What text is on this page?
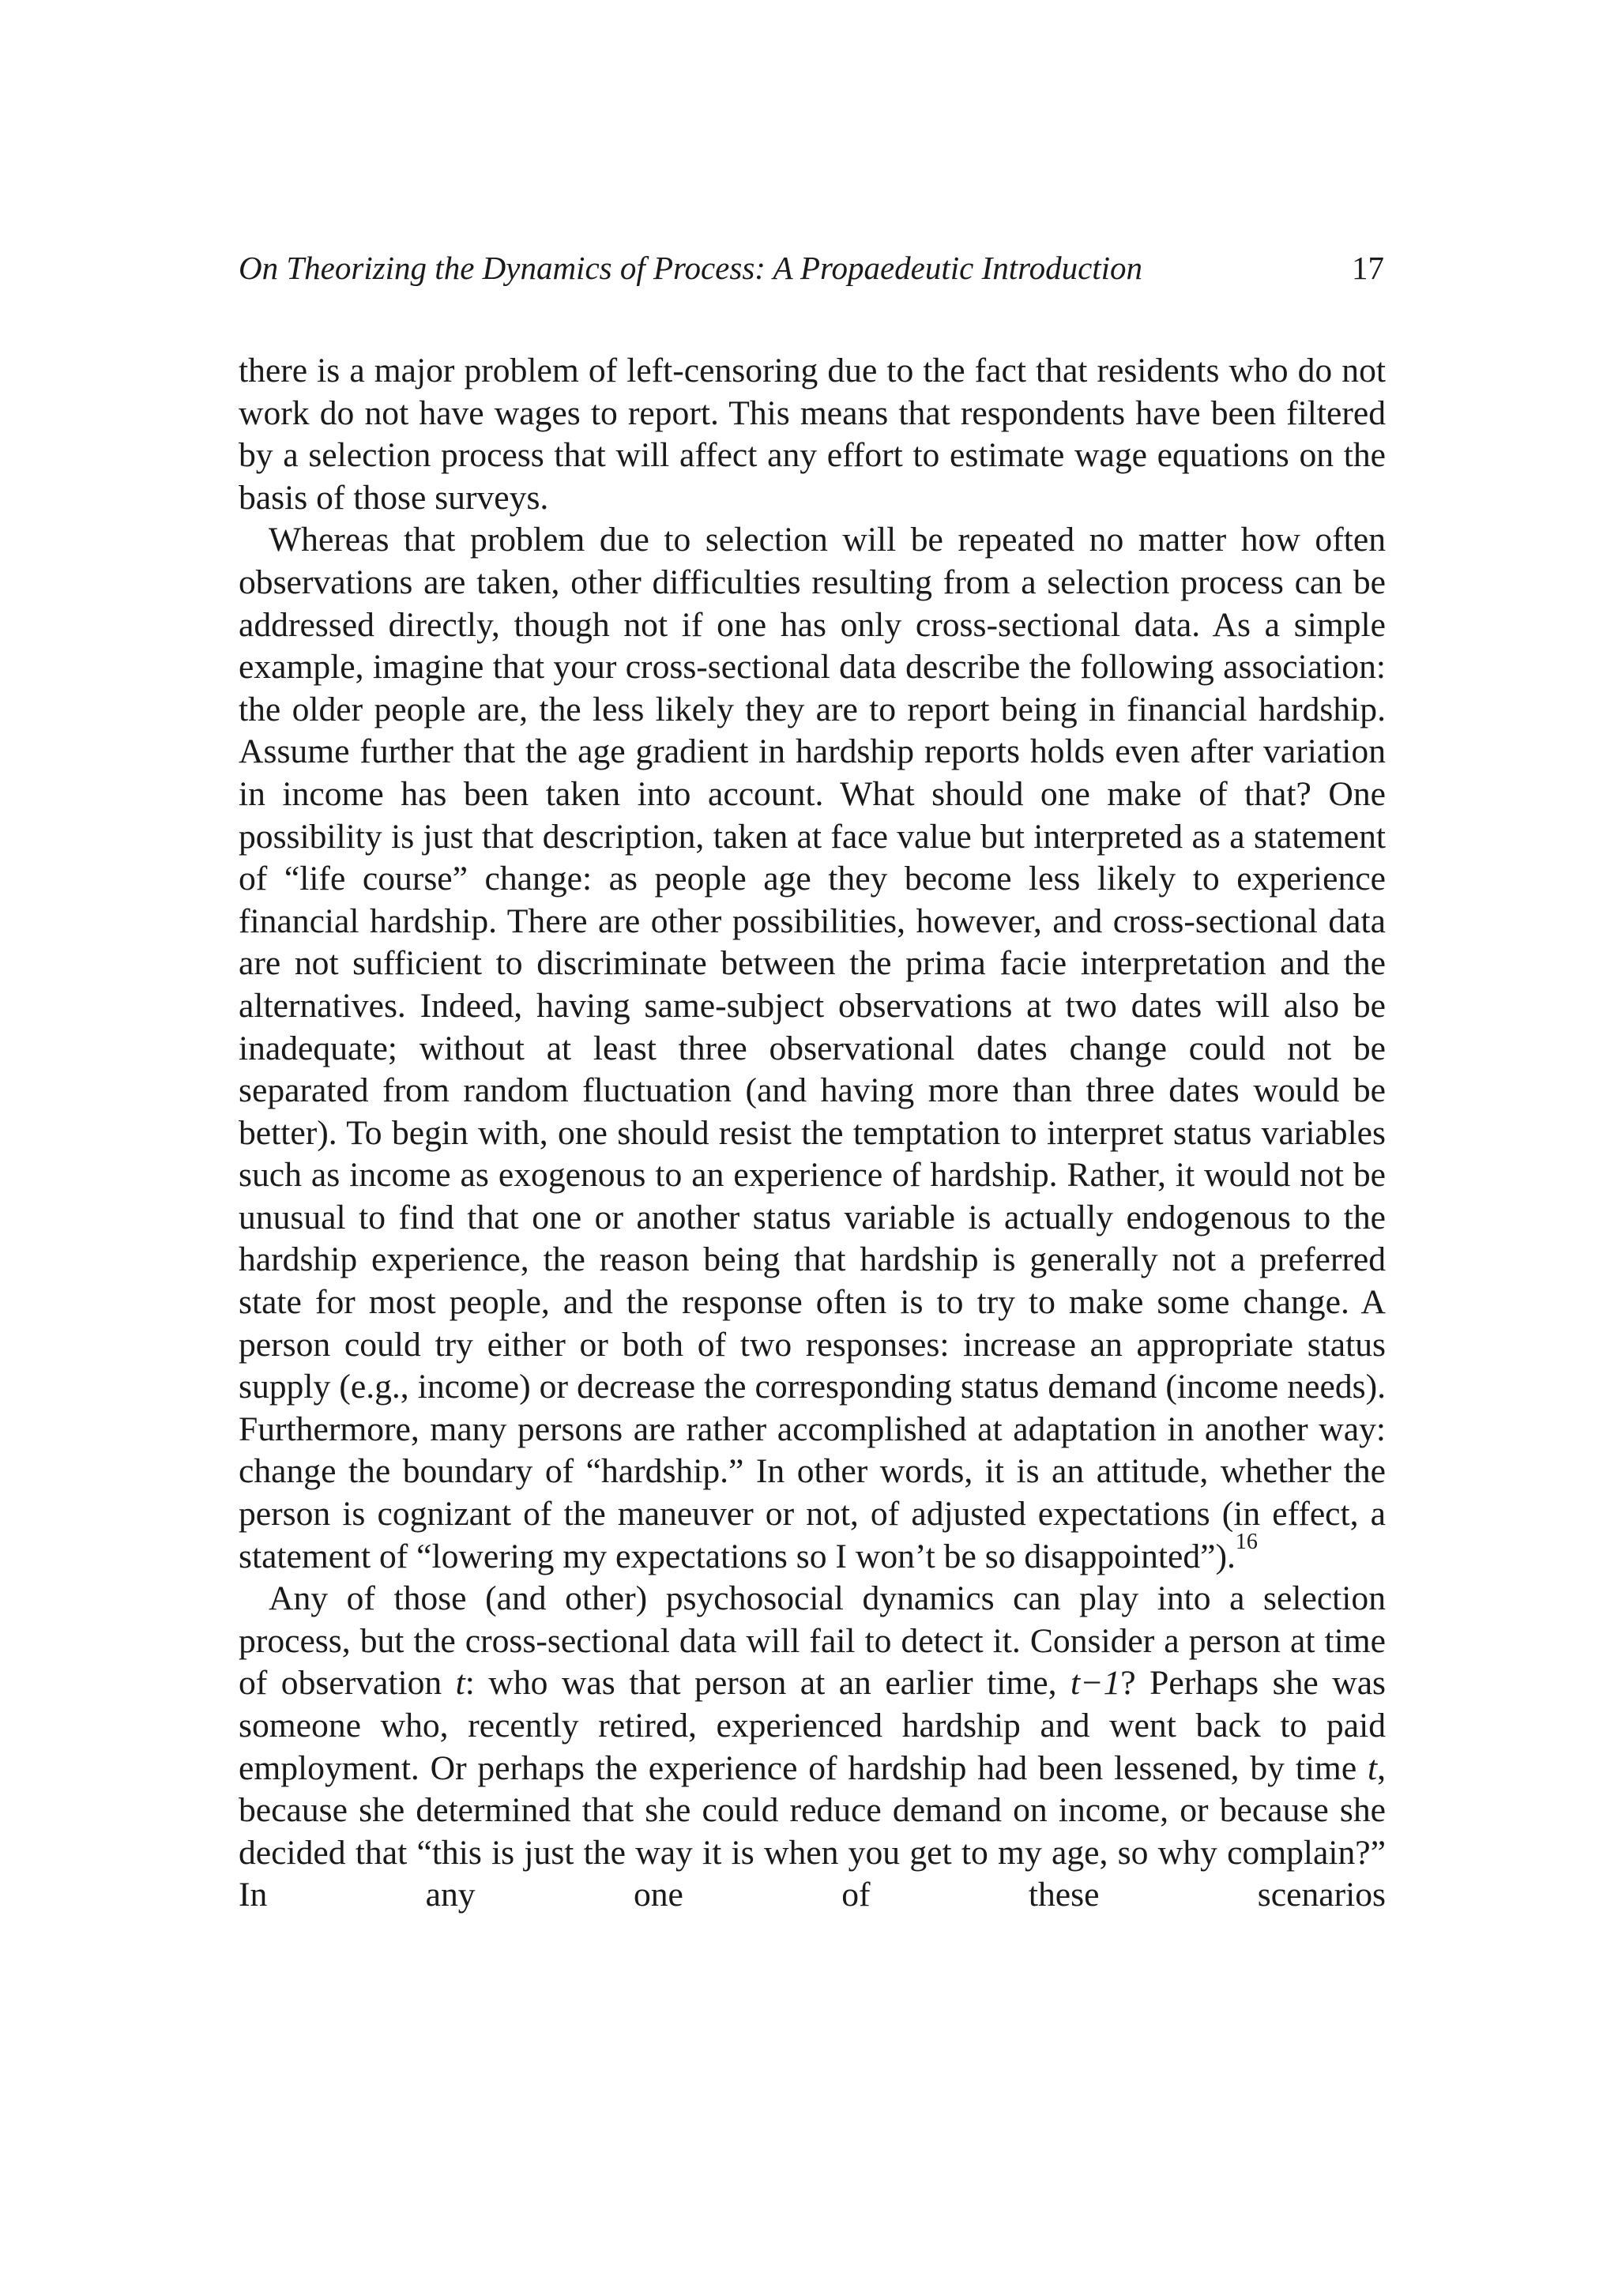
On Theorizing the Dynamics of Process: A Propaedeutic Introduction	17

there is a major problem of left-censoring due to the fact that residents who do not work do not have wages to report. This means that respondents have been filtered by a selection process that will affect any effort to estimate wage equations on the basis of those surveys.

Whereas that problem due to selection will be repeated no matter how often observations are taken, other difficulties resulting from a selection process can be addressed directly, though not if one has only cross-sectional data. As a simple example, imagine that your cross-sectional data describe the following association: the older people are, the less likely they are to report being in financial hardship. Assume further that the age gradient in hardship reports holds even after variation in income has been taken into account. What should one make of that? One possibility is just that description, taken at face value but interpreted as a statement of “life course” change: as people age they become less likely to experience financial hardship. There are other possibilities, however, and cross-sectional data are not sufficient to discriminate between the prima facie interpretation and the alternatives. Indeed, having same-subject observations at two dates will also be inadequate; without at least three observational dates change could not be separated from random fluctuation (and having more than three dates would be better). To begin with, one should resist the temptation to interpret status variables such as income as exogenous to an experience of hardship. Rather, it would not be unusual to find that one or another status variable is actually endogenous to the hardship experience, the reason being that hardship is generally not a preferred state for most people, and the response often is to try to make some change. A person could try either or both of two responses: increase an appropriate status supply (e.g., income) or decrease the corresponding status demand (income needs). Furthermore, many persons are rather accomplished at adaptation in another way: change the boundary of “hardship.” In other words, it is an attitude, whether the person is cognizant of the maneuver or not, of adjusted expectations (in effect, a statement of “lowering my expectations so I won’t be so disappointed”).$^{16}$

Any of those (and other) psychosocial dynamics can play into a selection process, but the cross-sectional data will fail to detect it. Consider a person at time of observation t: who was that person at an earlier time, t−1? Perhaps she was someone who, recently retired, experienced hardship and went back to paid employment. Or perhaps the experience of hardship had been lessened, by time t, because she determined that she could reduce demand on income, or because she decided that “this is just the way it is when you get to my age, so why complain?” In any one of these scenarios
